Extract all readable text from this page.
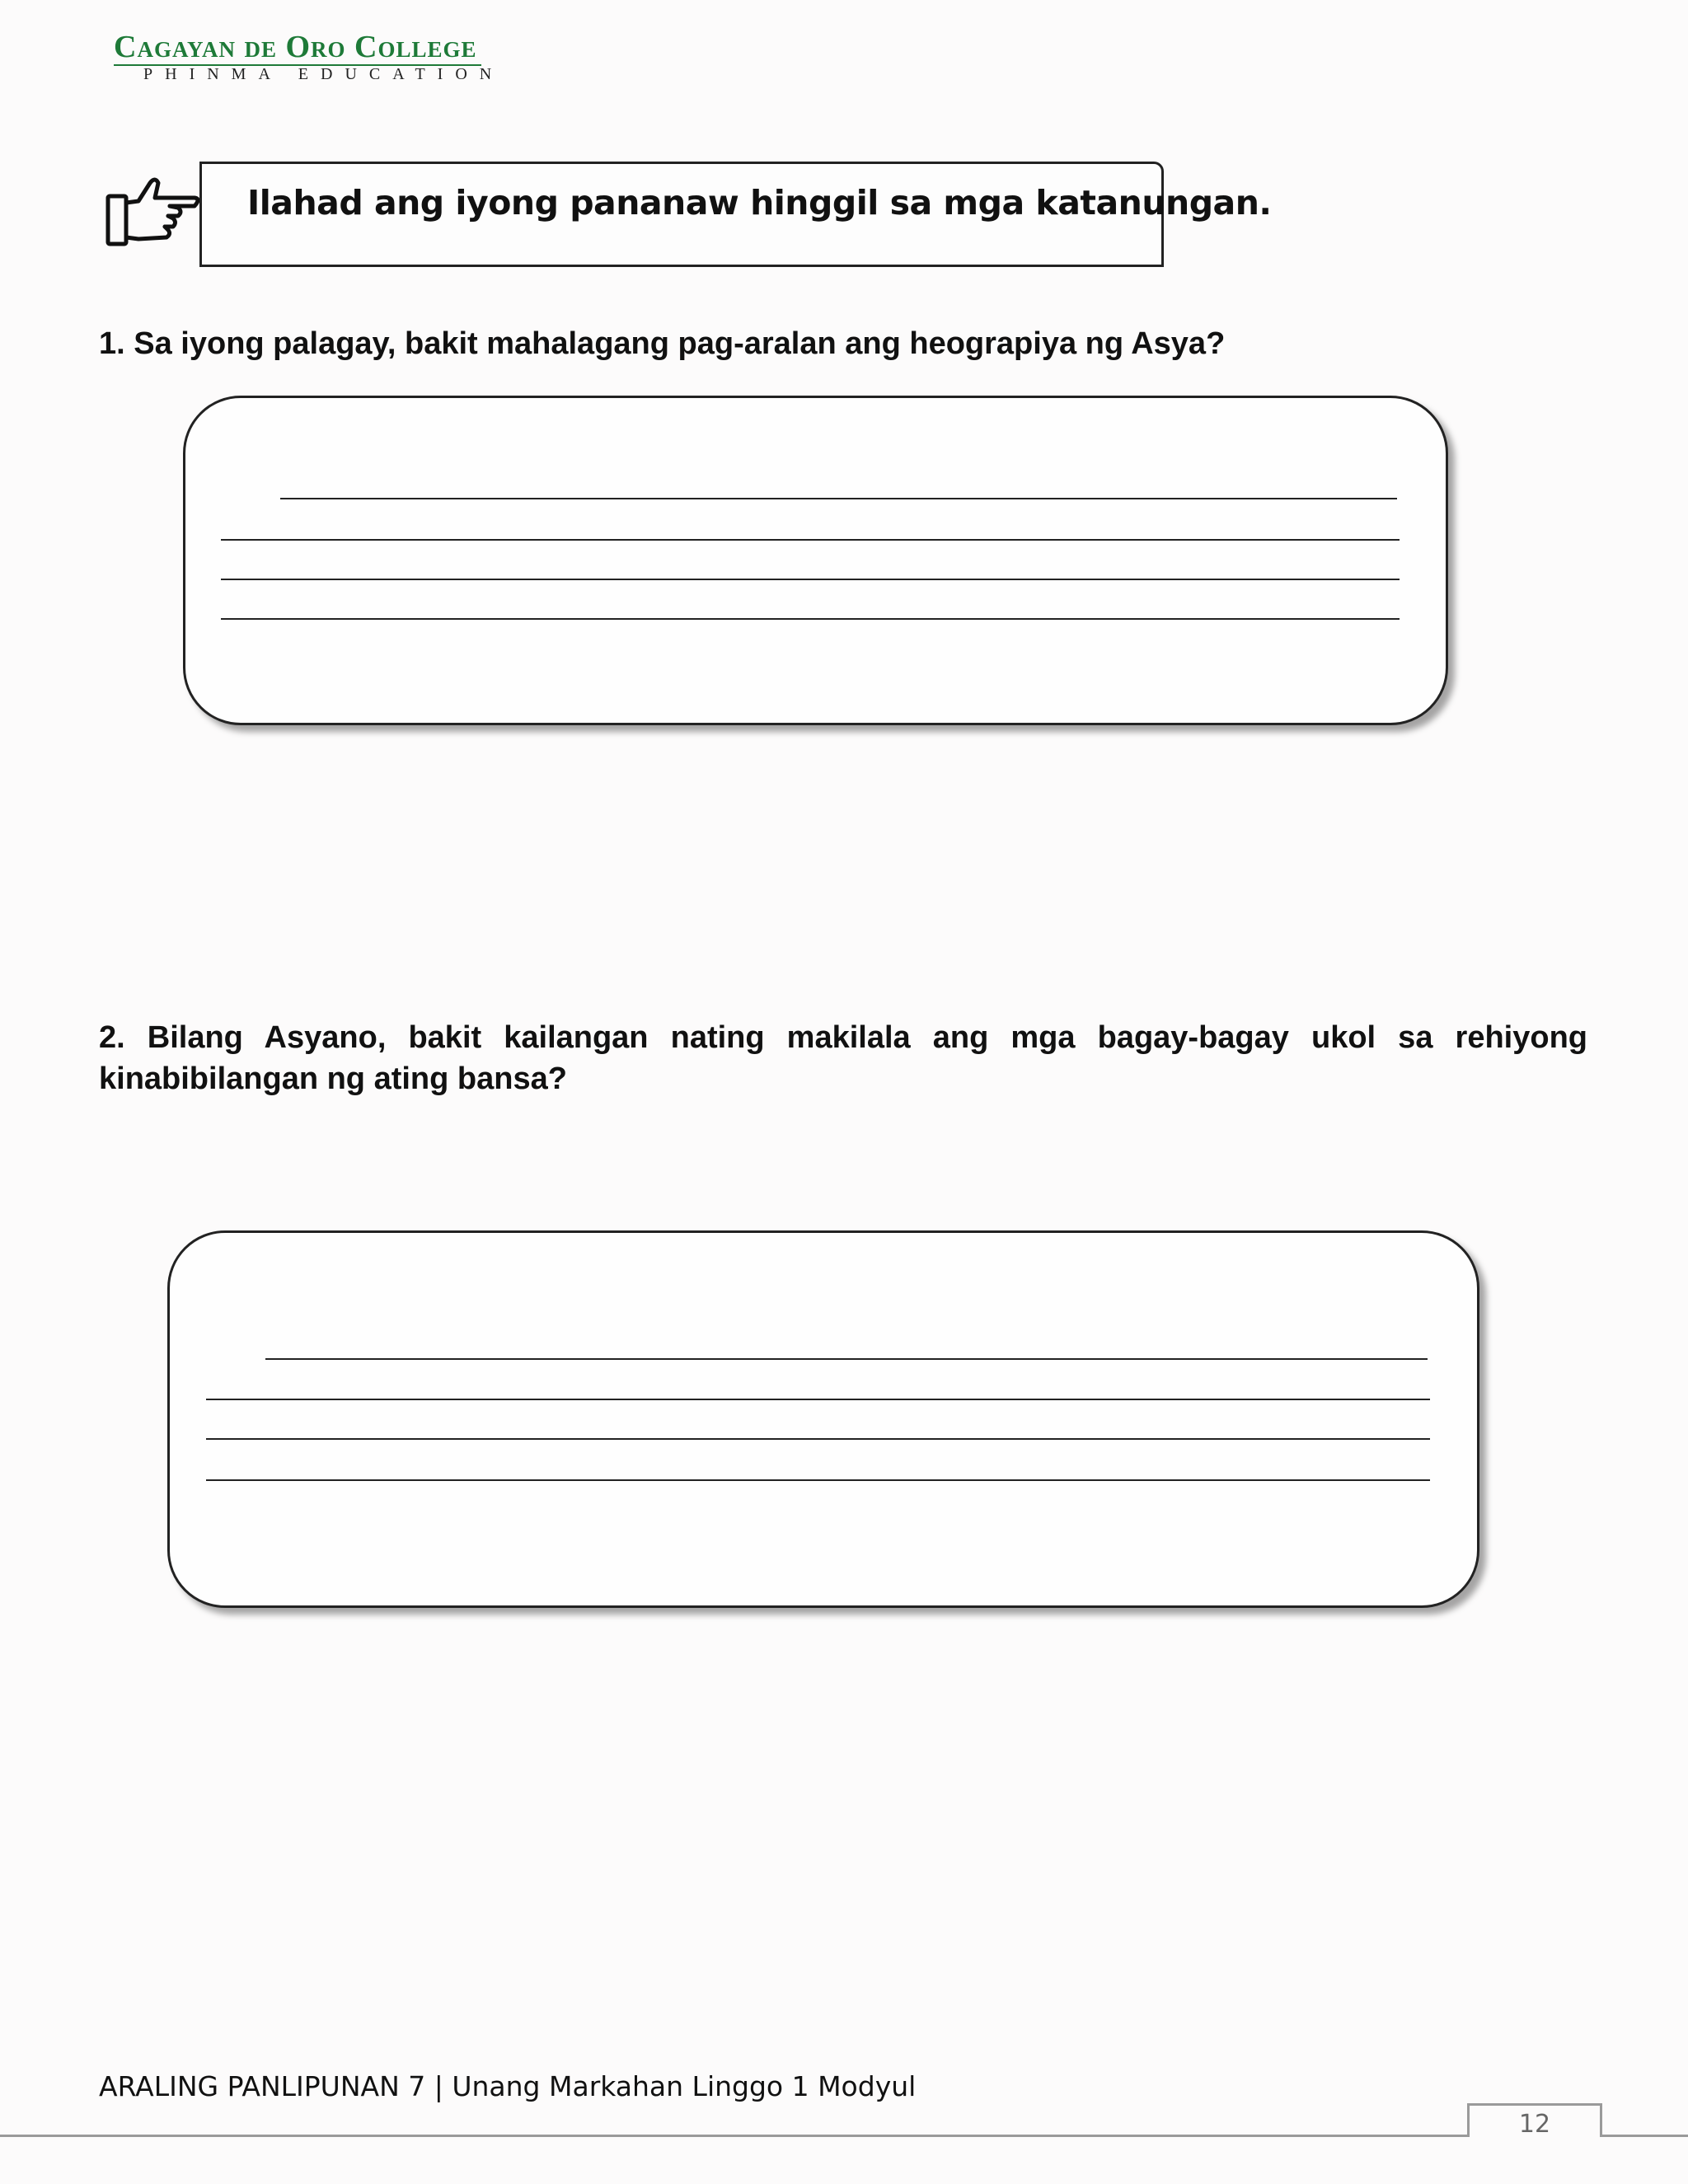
Cagayan de Oro College
PHINMA EDUCATION
Ilahad ang iyong pananaw hinggil sa mga katanungan.
1. Sa iyong palagay, bakit mahalagang pag-aralan ang heograpiya ng Asya?
2. Bilang Asyano, bakit kailangan nating makilala ang mga bagay-bagay ukol sa rehiyong kinabibilangan ng ating bansa?
ARALING PANLIPUNAN 7 | Unang Markahan Linggo 1 Modyul
12
